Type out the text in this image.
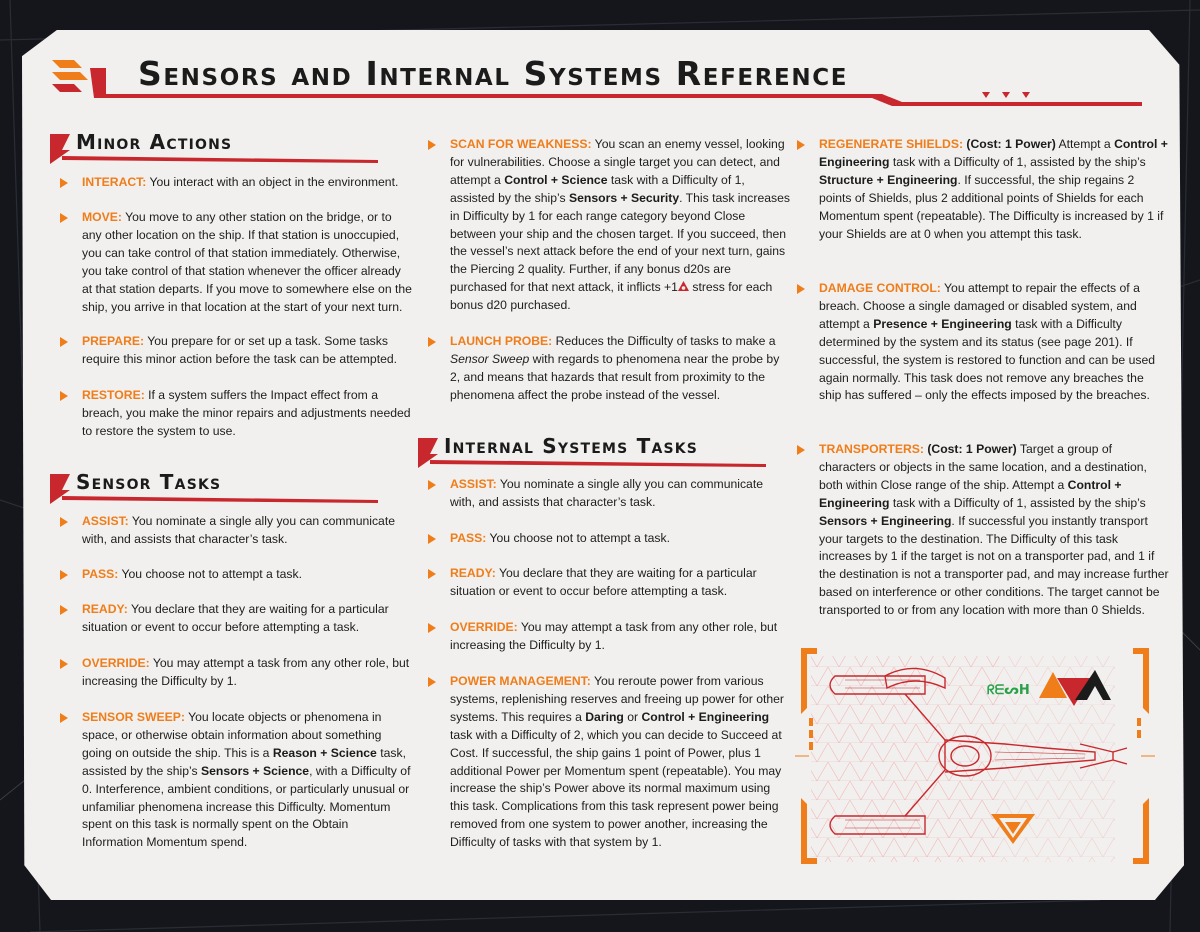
Sensors and Internal Systems Reference
Minor Actions
INTERACT: You interact with an object in the environment.
MOVE: You move to any other station on the bridge, or to any other location on the ship. If that station is unoccupied, you can take control of that station immediately. Otherwise, you take control of that station whenever the officer already at that station departs. If you move to somewhere else on the ship, you arrive in that location at the start of your next turn.
PREPARE: You prepare for or set up a task. Some tasks require this minor action before the task can be attempted.
RESTORE: If a system suffers the Impact effect from a breach, you make the minor repairs and adjustments needed to restore the system to use.
Sensor Tasks
ASSIST: You nominate a single ally you can communicate with, and assists that character’s task.
PASS: You choose not to attempt a task.
READY: You declare that they are waiting for a particular situation or event to occur before attempting a task.
OVERRIDE: You may attempt a task from any other role, but increasing the Difficulty by 1.
SENSOR SWEEP: You locate objects or phenomena in space, or otherwise obtain information about something going on outside the ship. This is a Reason + Science task, assisted by the ship’s Sensors + Science, with a Difficulty of 0. Interference, ambient conditions, or particularly unusual or unfamiliar phenomena increase this Difficulty. Momentum spent on this task is normally spent on the Obtain Information Momentum spend.
SCAN FOR WEAKNESS: You scan an enemy vessel, looking for vulnerabilities. Choose a single target you can detect, and attempt a Control + Science task with a Difficulty of 1, assisted by the ship’s Sensors + Security. This task increases in Difficulty by 1 for each range category beyond Close between your ship and the chosen target. If you succeed, then the vessel’s next attack before the end of your next turn, gains the Piercing 2 quality. Further, if any bonus d20s are purchased for that next attack, it inflicts +1 stress for each bonus d20 purchased.
LAUNCH PROBE: Reduces the Difficulty of tasks to make a Sensor Sweep with regards to phenomena near the probe by 2, and means that hazards that result from proximity to the phenomena affect the probe instead of the vessel.
Internal Systems Tasks
ASSIST: You nominate a single ally you can communicate with, and assists that character’s task.
PASS: You choose not to attempt a task.
READY: You declare that they are waiting for a particular situation or event to occur before attempting a task.
OVERRIDE: You may attempt a task from any other role, but increasing the Difficulty by 1.
POWER MANAGEMENT: You reroute power from various systems, replenishing reserves and freeing up power for other systems. This requires a Daring or Control + Engineering task with a Difficulty of 2, which you can decide to Succeed at Cost. If successful, the ship gains 1 point of Power, plus 1 additional Power per Momentum spent (repeatable). You may increase the ship’s Power above its normal maximum using this task. Complications from this task represent power being removed from one system to power another, increasing the Difficulty of tasks with that system by 1.
REGENERATE SHIELDS: (Cost: 1 Power) Attempt a Control + Engineering task with a Difficulty of 1, assisted by the ship’s Structure + Engineering. If successful, the ship regains 2 points of Shields, plus 2 additional points of Shields for each Momentum spent (repeatable). The Difficulty is increased by 1 if your Shields are at 0 when you attempt this task.
DAMAGE CONTROL: You attempt to repair the effects of a breach. Choose a single damaged or disabled system, and attempt a Presence + Engineering task with a Difficulty determined by the system and its status (see page 201). If successful, the system is restored to function and can be used again normally. This task does not remove any breaches the ship has suffered – only the effects imposed by the breaches.
TRANSPORTERS: (Cost: 1 Power) Target a group of characters or objects in the same location, and a destination, both within Close range of the ship. Attempt a Control + Engineering task with a Difficulty of 1, assisted by the ship’s Sensors + Engineering. If successful you instantly transport your targets to the destination. The Difficulty of this task increases by 1 if the target is not on a transporter pad, and 1 if the destination is not a transporter pad, and may increase further based on interference or other conditions. The target cannot be transported to or from any location with more than 0 Shields.
ᖇᗴᔕᕼ
